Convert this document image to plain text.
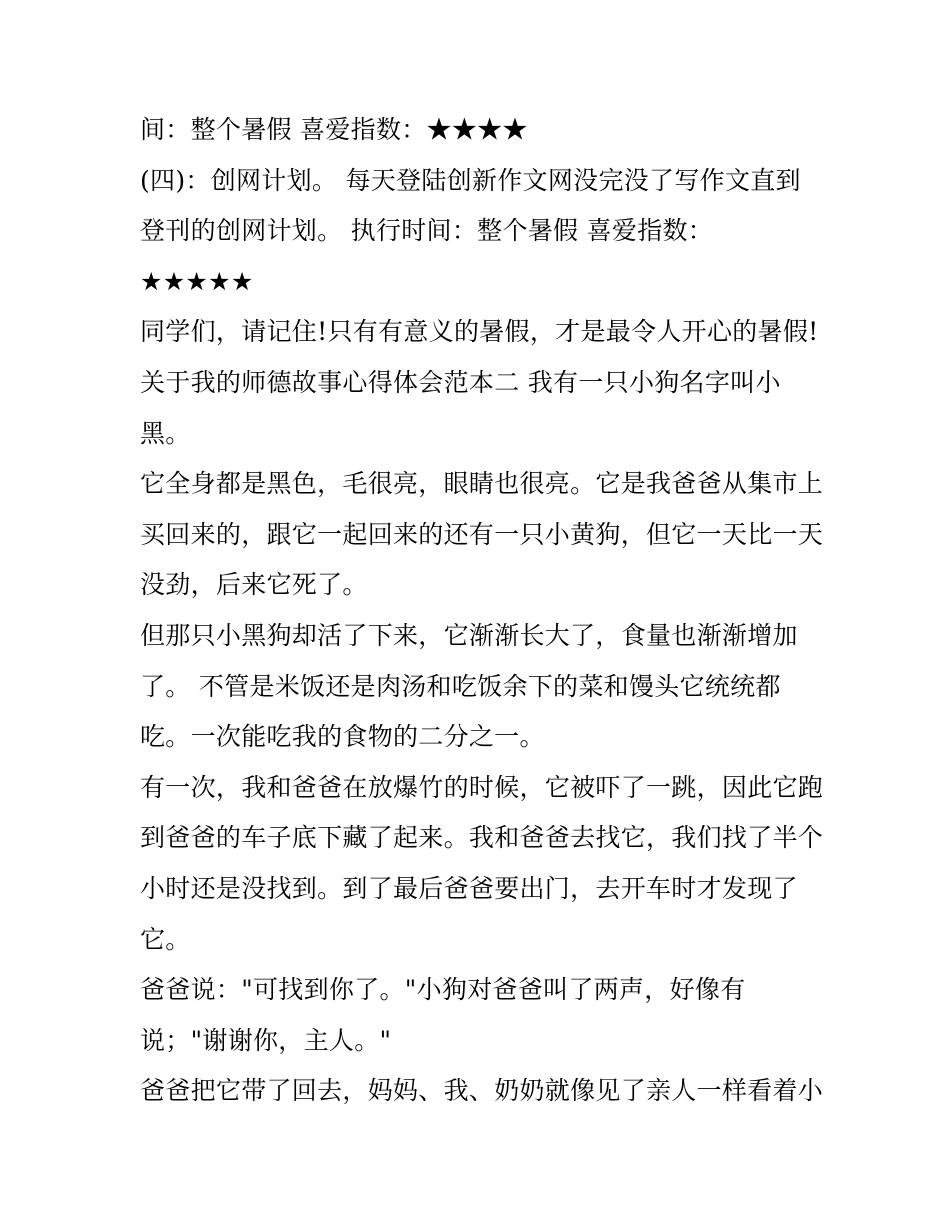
间：整个暑假 喜爱指数：★★★★
(四)：创网计划。 每天登陆创新作文网没完没了写作文直到
登刊的创网计划。 执行时间：整个暑假 喜爱指数：
★★★★★
同学们，请记住!只有有意义的暑假，才是最令人开心的暑假!
关于我的师德故事心得体会范本二 我有一只小狗名字叫小
黑。
它全身都是黑色，毛很亮，眼睛也很亮。它是我爸爸从集市上
买回来的，跟它一起回来的还有一只小黄狗，但它一天比一天
没劲，后来它死了。
但那只小黑狗却活了下来，它渐渐长大了，食量也渐渐增加
了。 不管是米饭还是肉汤和吃饭余下的菜和馒头它统统都
吃。一次能吃我的食物的二分之一。
有一次，我和爸爸在放爆竹的时候，它被吓了一跳，因此它跑
到爸爸的车子底下藏了起来。我和爸爸去找它，我们找了半个
小时还是没找到。到了最后爸爸要出门，去开车时才发现了
它。
爸爸说："可找到你了。"小狗对爸爸叫了两声，好像有
说；"谢谢你，主人。"
爸爸把它带了回去，妈妈、我、奶奶就像见了亲人一样看着小
